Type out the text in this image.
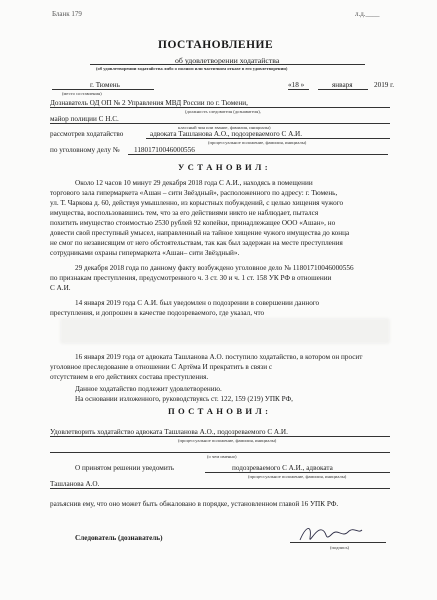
Бланк 179	л.д.____
ПОСТАНОВЛЕНИЕ
об удовлетворении ходатайства
(об удовлетворении ходатайства либо о полном или частичном отказе в его удовлетворении)
г. Тюмень
(место составления)
«18 »	января	2019 г.
Дознаватель ОД ОП № 2 Управления МВД России по г. Тюмени,
(должность следователя (дознавателя),
майор полиции С Н.С.
классный чин или звание, фамилия, инициалы)
рассмотрев ходатайство	адвоката Ташланова А.О., подозреваемого С А.И.
(процессуальное положение, фамилия, инициалы)
по уголовному делу № 11801710046000556
У С Т А Н О В И Л :
Около 12 часов 10 минут 29 декабря 2018 года С А.И., находясь в помещении
торгового зала гипермаркета «Ашан – сити Звёздный», расположенного по адресу: г. Тюмень,
ул. Т. Чаркова д. 60, действуя умышленно, из корыстных побуждений, с целью хищения чужого
имущества, воспользовавшись тем, что за его действиями никто не наблюдает, пытался
похитить имущество стоимостью 2530 рублей 92 копейки, принадлежащее ООО «Ашан», но
довести свой преступный умысел, направленный на тайное хищение чужого имущества до конца
не смог по независящим от него обстоятельствам, так как был задержан на месте преступления
сотрудниками охраны гипермаркета «Ашан– сити Звёздный».
29 декабря 2018 года по данному факту возбуждено уголовное дело № 11801710046000556
по признакам преступления, предусмотренного ч. 3 ст. 30 и ч. 1 ст. 158 УК РФ в отношении
С А.И.
14 января 2019 года С А.И. был уведомлен о подозрении в совершении данного
преступления, и допрошен в качестве подозреваемого, где указал, что
16 января 2019 года от адвоката Ташланова А.О. поступило ходатайство, в котором он просит
уголовное преследование в отношении С Артёма И прекратить в связи с
отсутствием в его действиях состава преступления.
Данное ходатайство подлежит удовлетворению.
На основании изложенного, руководствуясь ст. 122, 159 (219) УПК РФ,
П О С Т А Н О В И Л :
Удовлетворить ходатайство адвоката Ташланова А.О., подозреваемого С А.И.
(процессуальное положение, фамилия, инициалы)
(о чем именно)
О принятом решении уведомить	подозреваемого С А.И., адвоката
(процессуальное положение, фамилия, инициалы)
Ташланова А.О.
разъяснив ему, что оно может быть обжаловано в порядке, установленном главой 16 УПК РФ.
Следователь (дознаватель)
(подпись)
